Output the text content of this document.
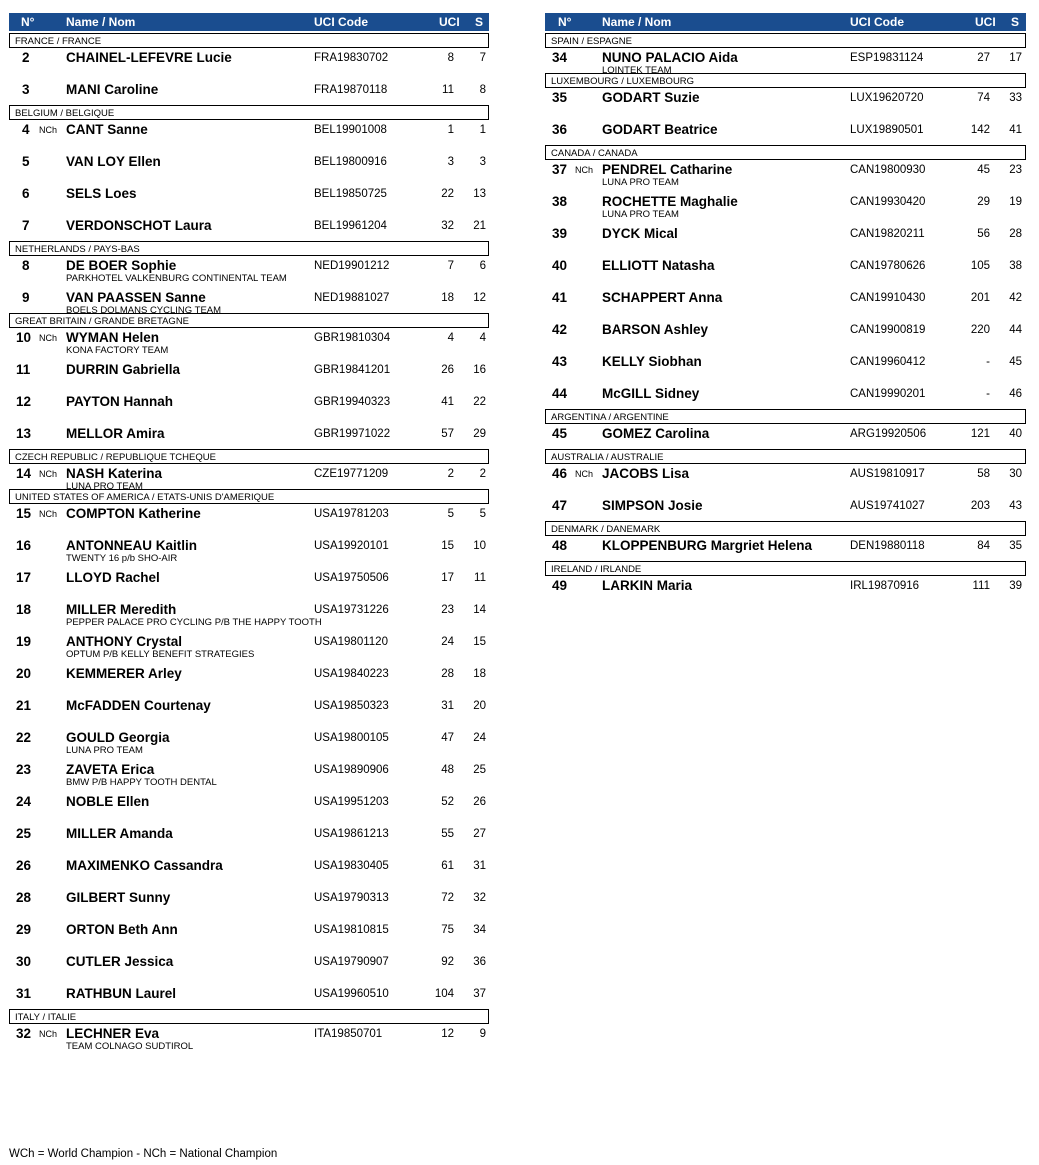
N°	Name / Nom	UCI Code	UCI S
FRANCE / FRANCE
2	CHAINEL-LEFEVRE Lucie	FRA19830702	8	7
3	MANI Caroline	FRA19870118	11	8
BELGIUM / BELGIQUE
4	NCh CANT Sanne	BEL19901008	1	1
5	VAN LOY Ellen	BEL19800916	3	3
6	SELS Loes	BEL19850725	22	13
7	VERDONSCHOT Laura	BEL19961204	32	21
NETHERLANDS / PAYS-BAS
8	DE BOER Sophie	NED19901212	7	6
PARKHOTEL VALKENBURG CONTINENTAL TEAM
9	VAN PAASSEN Sanne	NED19881027	18	12
BOELS DOLMANS CYCLING TEAM
GREAT BRITAIN / GRANDE BRETAGNE
10 NCh WYMAN Helen	GBR19810304	4	4
KONA FACTORY TEAM
11	DURRIN Gabriella	GBR19841201	26	16
12	PAYTON Hannah	GBR19940323	41	22
13	MELLOR Amira	GBR19971022	57	29
CZECH REPUBLIC / REPUBLIQUE TCHEQUE
14 NCh NASH Katerina	CZE19771209	2	2
LUNA PRO TEAM
UNITED STATES OF AMERICA / ETATS-UNIS D'AMERIQUE
15 NCh COMPTON Katherine	USA19781203	5	5
16	ANTONNEAU Kaitlin	USA19920101	15	10
TWENTY 16 p/b SHO-AIR
17	LLOYD Rachel	USA19750506	17	11
18	MILLER Meredith	USA19731226	23	14
PEPPER PALACE PRO CYCLING P/B THE HAPPY TOOTH
19	ANTHONY Crystal	USA19801120	24	15
OPTUM P/B KELLY BENEFIT STRATEGIES
20	KEMMERER Arley	USA19840223	28	18
21	McFADDEN Courtenay	USA19850323	31	20
22	GOULD Georgia	USA19800105	47	24
LUNA PRO TEAM
23	ZAVETA Erica	USA19890906	48	25
BMW P/B HAPPY TOOTH DENTAL
24	NOBLE Ellen	USA19951203	52	26
25	MILLER Amanda	USA19861213	55	27
26	MAXIMENKO Cassandra	USA19830405	61	31
28	GILBERT Sunny	USA19790313	72	32
29	ORTON Beth Ann	USA19810815	75	34
30	CUTLER Jessica	USA19790907	92	36
31	RATHBUN Laurel	USA19960510	104	37
ITALY / ITALIE
32 NCh LECHNER Eva	ITA19850701	12	9
TEAM COLNAGO SUDTIROL
N°	Name / Nom	UCI Code	UCI S
SPAIN / ESPAGNE
34	NUNO PALACIO Aida	ESP19831124	27	17
LOINTEK TEAM
LUXEMBOURG / LUXEMBOURG
35	GODART Suzie	LUX19620720	74	33
36	GODART Beatrice	LUX19890501	142	41
CANADA / CANADA
37 NCh PENDREL Catharine	CAN19800930	45	23
LUNA PRO TEAM
38	ROCHETTE Maghalie	CAN19930420	29	19
LUNA PRO TEAM
39	DYCK Mical	CAN19820211	56	28
40	ELLIOTT Natasha	CAN19780626	105	38
41	SCHAPPERT Anna	CAN19910430	201	42
42	BARSON Ashley	CAN19900819	220	44
43	KELLY Siobhan	CAN19960412	-	45
44	McGILL Sidney	CAN19990201	-	46
ARGENTINA / ARGENTINE
45	GOMEZ Carolina	ARG19920506	121	40
AUSTRALIA / AUSTRALIE
46 NCh JACOBS Lisa	AUS19810917	58	30
47	SIMPSON Josie	AUS19741027	203	43
DENMARK / DANEMARK
48	KLOPPENBURG Margriet Helena	DEN19880118	84	35
IRELAND / IRLANDE
49	LARKIN Maria	IRL19870916	111	39
WCh = World Champion - NCh = National Champion
